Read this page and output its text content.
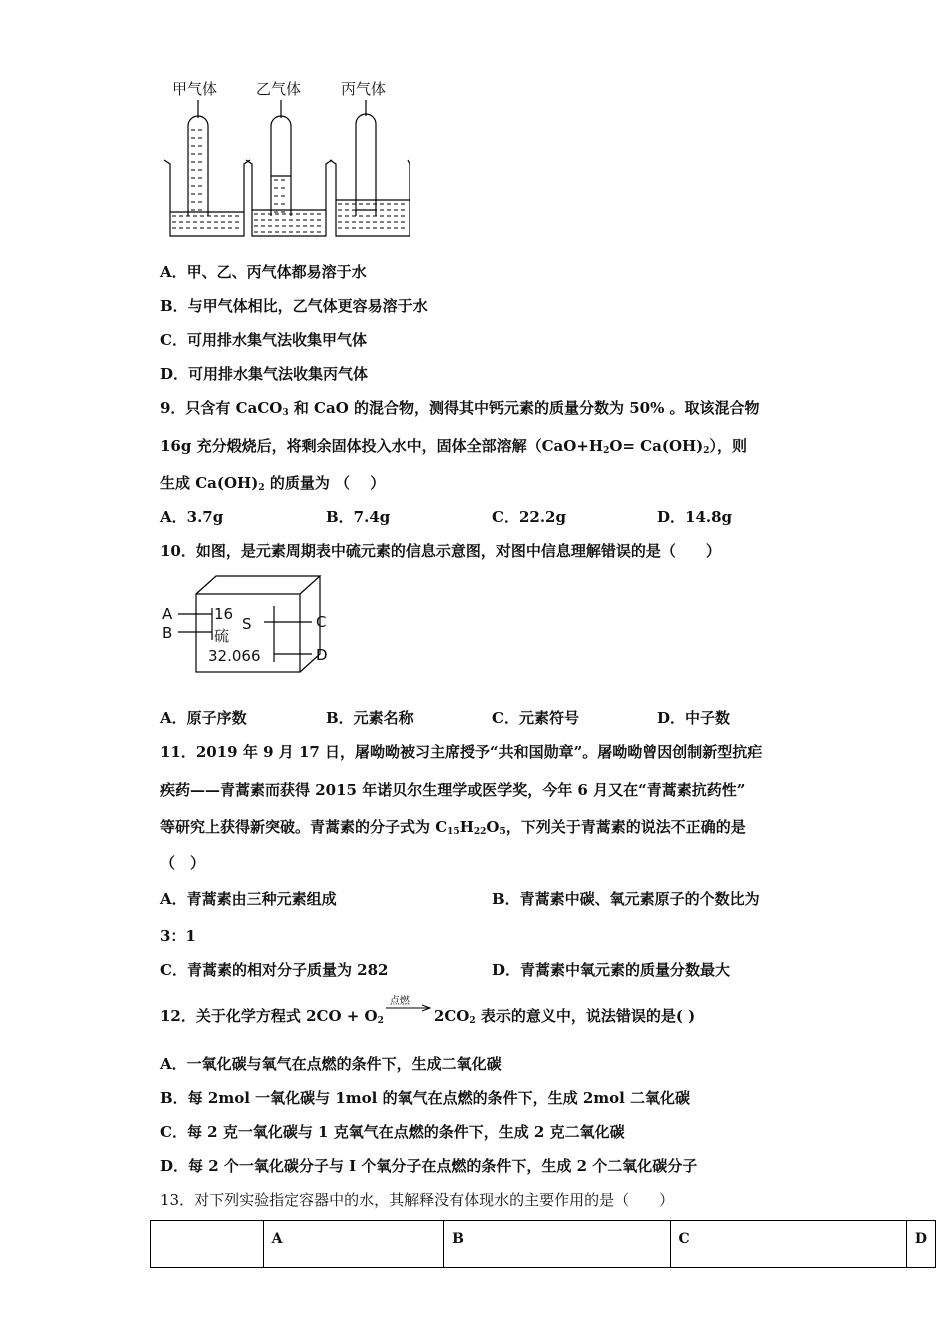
甲气体	乙气体	丙气体
A．甲、乙、丙气体都易溶于水
B．与甲气体相比，乙气体更容易溶于水
C．可用排水集气法收集甲气体
D．可用排水集气法收集丙气体
9．只含有 CaCO$_3$ 和 CaO 的混合物，测得其中钙元素的质量分数为 50% 。取该混合物
16g 充分煅烧后，将剩余固体投入水中，固体全部溶解$(CaO+H_2O= Ca(OH)_2)$，则
生成 $Ca(OH)_2$ 的质量为 （　 ）
A．3.7g	B．7.4g	C．22.2g	D．14.8g
10．如图，是元素周期表中硫元素的信息示意图，对图中信息理解错误的是（　　）
A
B
C
D
16
硫
S
32.066
A．原子序数	B．元素名称	C．元素符号	D．中子数
11．2019 年 9 月 17 日，屠呦呦被习主席授予“共和国勋章”。屠呦呦曾因创制新型抗疟
疾药——青蒿素而获得 2015 年诺贝尔生理学或医学奖，今年 6 月又在“青蒿素抗药性”
等研究上获得新突破。青蒿素的分子式为 $C_{15}H_{22}O_5$，下列关于青蒿素的说法不正确的是
（　）
A．青蒿素由三种元素组成	B．青蒿素中碳、氧元素原子的个数比为
3：1
C．青蒿素的相对分子质量为 282	D．青蒿素中氧元素的质量分数最大
12．关于化学方程式 $2CO + O_2$
点燃
$2CO_2$ 表示的意义中，说法错误的是( )
A．一氧化碳与氧气在点燃的条件下，生成二氧化碳
B．每 2mol 一氧化碳与 1mol 的氧气在点燃的条件下，生成 2mol 二氧化碳
C．每 2 克一氧化碳与 1 克氧气在点燃的条件下，生成 2 克二氧化碳
D．每 2 个一氧化碳分子与 I 个氧分子在点燃的条件下，生成 2 个二氧化碳分子
13．对下列实验指定容器中的水，其解释没有体现水的主要作用的是（　　）
	A	B	C	D
